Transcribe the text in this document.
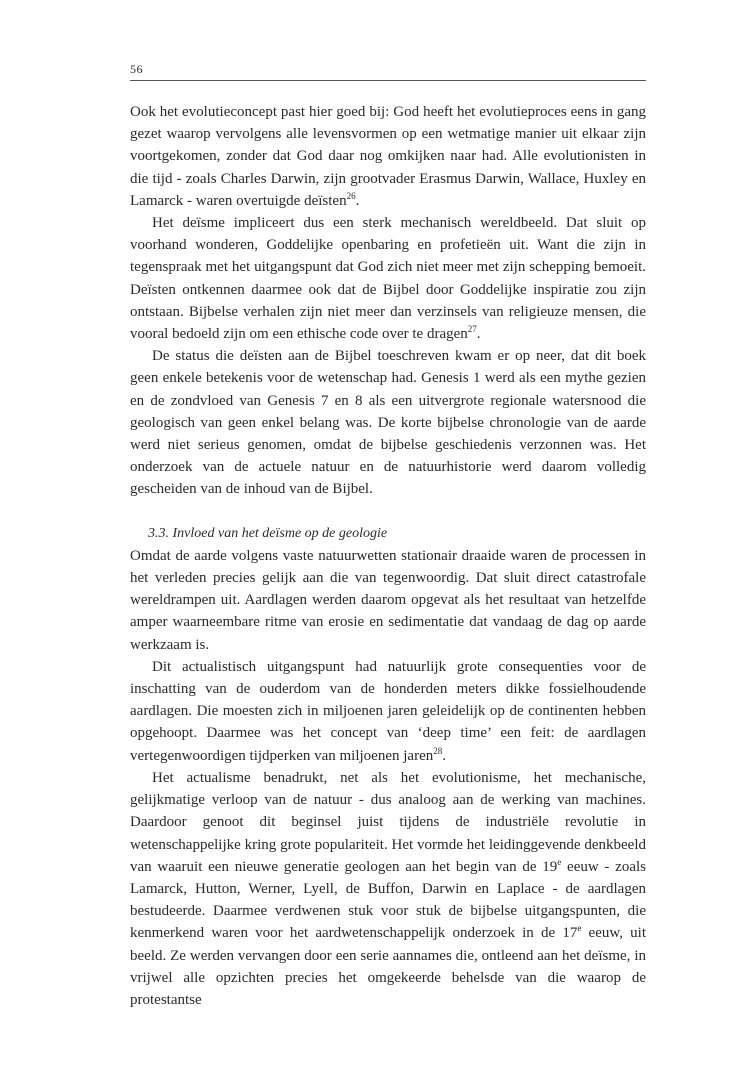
56

Ook het evolutieconcept past hier goed bij: God heeft het evolutieproces eens in gang gezet waarop vervolgens alle levensvormen op een wetmatige manier uit elkaar zijn voortgekomen, zonder dat God daar nog omkijken naar had. Alle evolutionisten in die tijd - zoals Charles Darwin, zijn grootvader Erasmus Darwin, Wallace, Huxley en Lamarck - waren overtuigde deïsten$^{26}$.

Het deïsme impliceert dus een sterk mechanisch wereldbeeld. Dat sluit op voorhand wonderen, Goddelijke openbaring en profetieën uit. Want die zijn in tegenspraak met het uitgangspunt dat God zich niet meer met zijn schepping bemoeit. Deïsten ontkennen daarmee ook dat de Bijbel door Goddelijke inspiratie zou zijn ontstaan. Bijbelse verhalen zijn niet meer dan verzinsels van religieuze mensen, die vooral bedoeld zijn om een ethische code over te dragen$^{27}$.

De status die deïsten aan de Bijbel toeschreven kwam er op neer, dat dit boek geen enkele betekenis voor de wetenschap had. Genesis 1 werd als een mythe gezien en de zondvloed van Genesis 7 en 8 als een uitvergrote regionale watersnood die geologisch van geen enkel belang was. De korte bijbelse chronologie van de aarde werd niet serieus genomen, omdat de bijbelse geschiedenis verzonnen was. Het onderzoek van de actuele natuur en de natuurhistorie werd daarom volledig gescheiden van de inhoud van de Bijbel.

3.3. Invloed van het deïsme op de geologie

Omdat de aarde volgens vaste natuurwetten stationair draaide waren de processen in het verleden precies gelijk aan die van tegenwoordig. Dat sluit direct catastrofale wereldrampen uit. Aardlagen werden daarom opgevat als het resultaat van hetzelfde amper waarneembare ritme van erosie en sedimentatie dat vandaag de dag op aarde werkzaam is.

Dit actualistisch uitgangspunt had natuurlijk grote consequenties voor de inschatting van de ouderdom van de honderden meters dikke fossielhoudende aardlagen. Die moesten zich in miljoenen jaren geleidelijk op de continenten hebben opgehoopt. Daarmee was het concept van ‘deep time’ een feit: de aardlagen vertegenwoordigen tijdperken van miljoenen jaren$^{28}$.

Het actualisme benadrukt, net als het evolutionisme, het mechanische, gelijkmatige verloop van de natuur - dus analoog aan de werking van machines. Daardoor genoot dit beginsel juist tijdens de industriële revolutie in wetenschappelijke kring grote populariteit. Het vormde het leidinggevende denkbeeld van waaruit een nieuwe generatie geologen aan het begin van de 19e eeuw - zoals Lamarck, Hutton, Werner, Lyell, de Buffon, Darwin en Laplace - de aardlagen bestudeerde. Daarmee verdwenen stuk voor stuk de bijbelse uitgangspunten, die kenmerkend waren voor het aardwetenschappelijk onderzoek in de 17e eeuw, uit beeld. Ze werden vervangen door een serie aannames die, ontleend aan het deïsme, in vrijwel alle opzichten precies het omgekeerde behelsde van die waarop de protestantse
